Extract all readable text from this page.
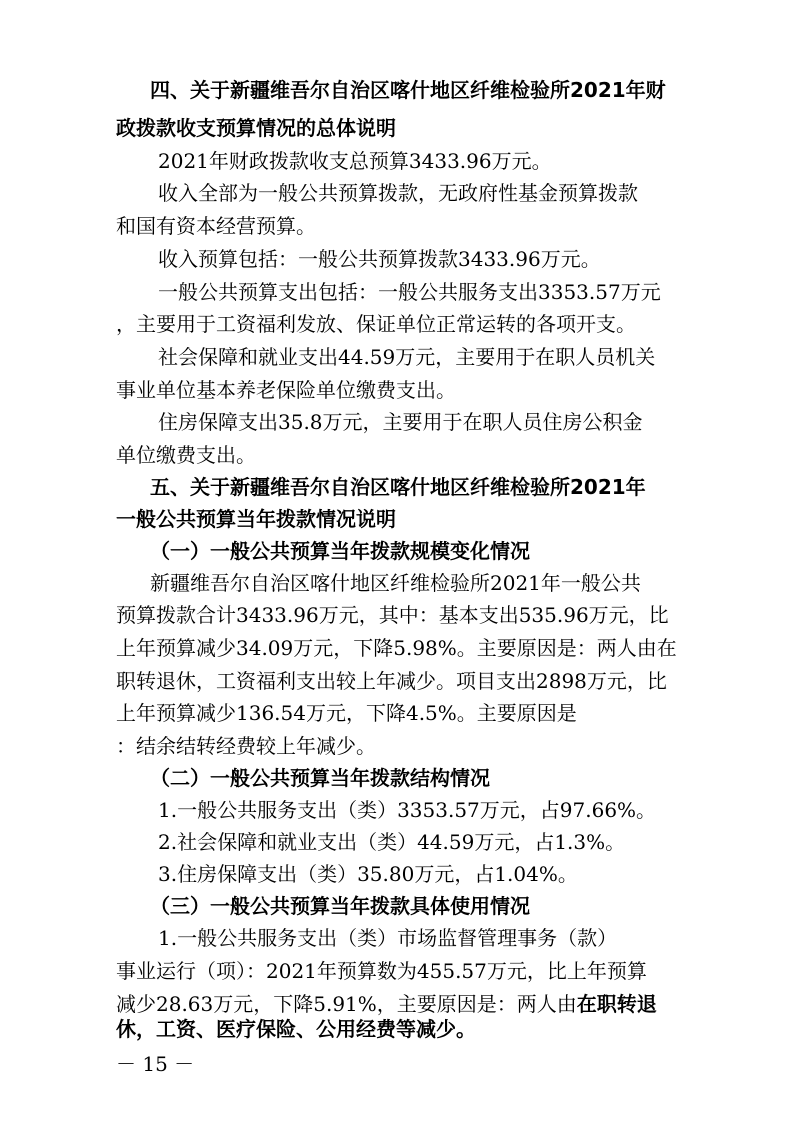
四、关于新疆维吾尔自治区喀什地区纤维检验所2021年财
政拨款收支预算情况的总体说明
2021年财政拨款收支总预算3433.96万元。
收入全部为一般公共预算拨款，无政府性基金预算拨款
和国有资本经营预算。
收入预算包括：一般公共预算拨款3433.96万元。
一般公共预算支出包括：一般公共服务支出3353.57万元
，主要用于工资福利发放、保证单位正常运转的各项开支。
社会保障和就业支出44.59万元，主要用于在职人员机关
事业单位基本养老保险单位缴费支出。
住房保障支出35.8万元，主要用于在职人员住房公积金
单位缴费支出。
五、关于新疆维吾尔自治区喀什地区纤维检验所2021年
一般公共预算当年拨款情况说明
（一）一般公共预算当年拨款规模变化情况
新疆维吾尔自治区喀什地区纤维检验所2021年一般公共
预算拨款合计3433.96万元，其中：基本支出535.96万元，比
上年预算减少34.09万元，下降5.98%。主要原因是：两人由在
职转退休，工资福利支出较上年减少。项目支出2898万元，比
上年预算减少136.54万元，下降4.5%。主要原因是
：结余结转经费较上年减少。
（二）一般公共预算当年拨款结构情况
1.一般公共服务支出（类）3353.57万元，占97.66%。
2.社会保障和就业支出（类）44.59万元，占1.3%。
3.住房保障支出（类）35.80万元，占1.04%。
（三）一般公共预算当年拨款具体使用情况
1.一般公共服务支出（类）市场监督管理事务（款）
事业运行（项）：2021年预算数为455.57万元，比上年预算
减少28.63万元，下降5.91%，主要原因是：两人由在职转退
休，工资、医疗保险、公用经费等减少。
－ 15 －
